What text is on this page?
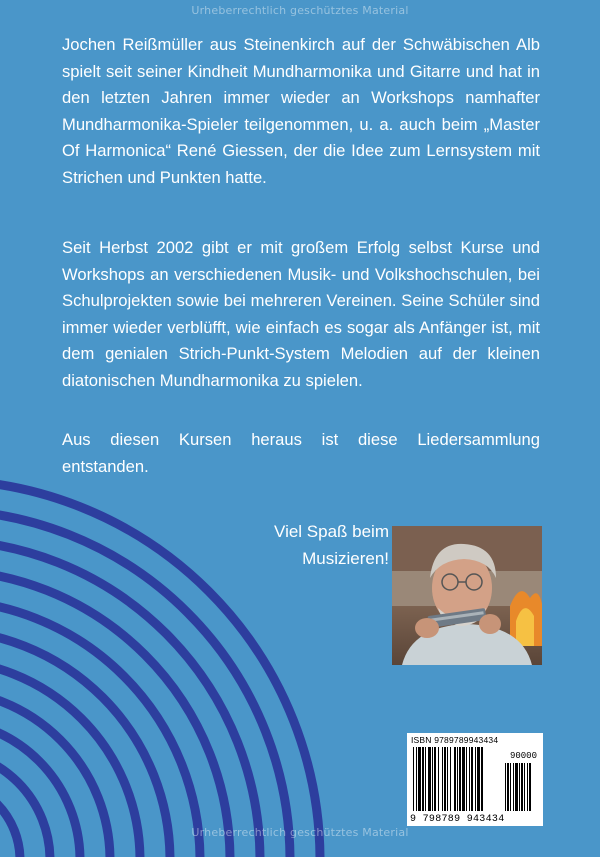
Urheberrechtlich geschütztes Material

Jochen Reißmüller aus Steinenkirch auf der Schwäbischen Alb spielt seit seiner Kindheit Mundharmonika und Gitarre und hat in den letzten Jahren immer wieder an Workshops namhafter Mundharmonika-Spieler teilgenommen, u. a. auch beim „Master Of Harmonica“ René Giessen, der die Idee zum Lernsystem mit Strichen und Punkten hatte.

Seit Herbst 2002 gibt er mit großem Erfolg selbst Kurse und Workshops an verschiedenen Musik- und Volkshochschulen, bei Schulprojekten sowie bei mehreren Vereinen. Seine Schüler sind immer wieder verblüfft, wie einfach es sogar als Anfänger ist, mit dem genialen Strich-Punkt-System Melodien auf der kleinen diatonischen Mundharmonika zu spielen.

Aus diesen Kursen heraus ist diese Liedersammlung entstanden.

Viel Spaß beim
Musizieren!

ISBN 9789789943434
90000
9 798789 943434
Urheberrechtlich geschütztes Material
